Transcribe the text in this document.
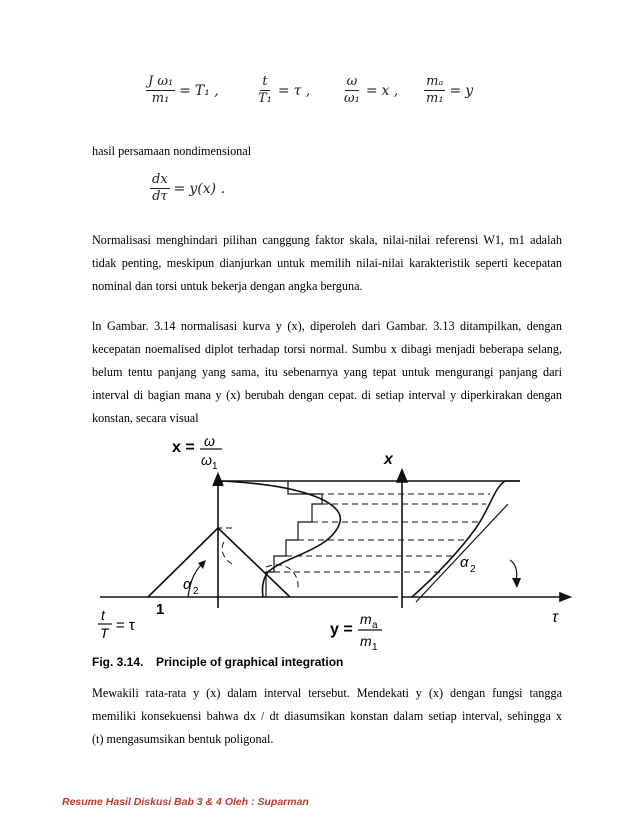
$\frac{\text{J ω₁}}{\text{m₁}} = T_1$ ,	$\frac{t}{\text{T₁}} = \tau$ , $\frac{\omega}{\text{ω₁}} = x$ , $\frac{\text{mₐ}}{\text{m₁}} = y$
hasil persamaan nondimensional
$\frac{dx}{d\tau} = y(x)$ .
Normalisasi menghindari pilihan canggung faktor skala, nilai-nilai referensi W1, m1 adalah
tidak penting, meskipun dianjurkan untuk memilih nilai-nilai karakteristik seperti kecepatan
nominal dan torsi untuk bekerja dengan angka berguna.
ln Gambar. 3.14 normalisasi kurva y (x), diperoleh dari Gambar. 3.13 ditampilkan, dengan
kecepatan noemalised diplot terhadap torsi normal. Sumbu x dibagi menjadi beberapa selang,
belum tentu panjang yang sama, itu sebenarnya yang tepat untuk mengurangi panjang dari
interval di bagian mana y (x) berubah dengan cepat. di setiap interval y diperkirakan dengan
konstan, secara visual
x = ω
ω 1	x
α 2
α 2
1
t
T = τ	y =
m a
m 1
τ
Fig. 3.14. Principle of graphical integration
Mewakili rata-rata y (x) dalam interval tersebut. Mendekati y (x) dengan fungsi tangga
memiliki konsekuensi bahwa dx / dt diasumsikan konstan dalam setiap interval, sehingga x
(t) mengasumsikan bentuk poligonal.
Resume Hasil Diskusi Bab 3 & 4 Oleh : Suparman
